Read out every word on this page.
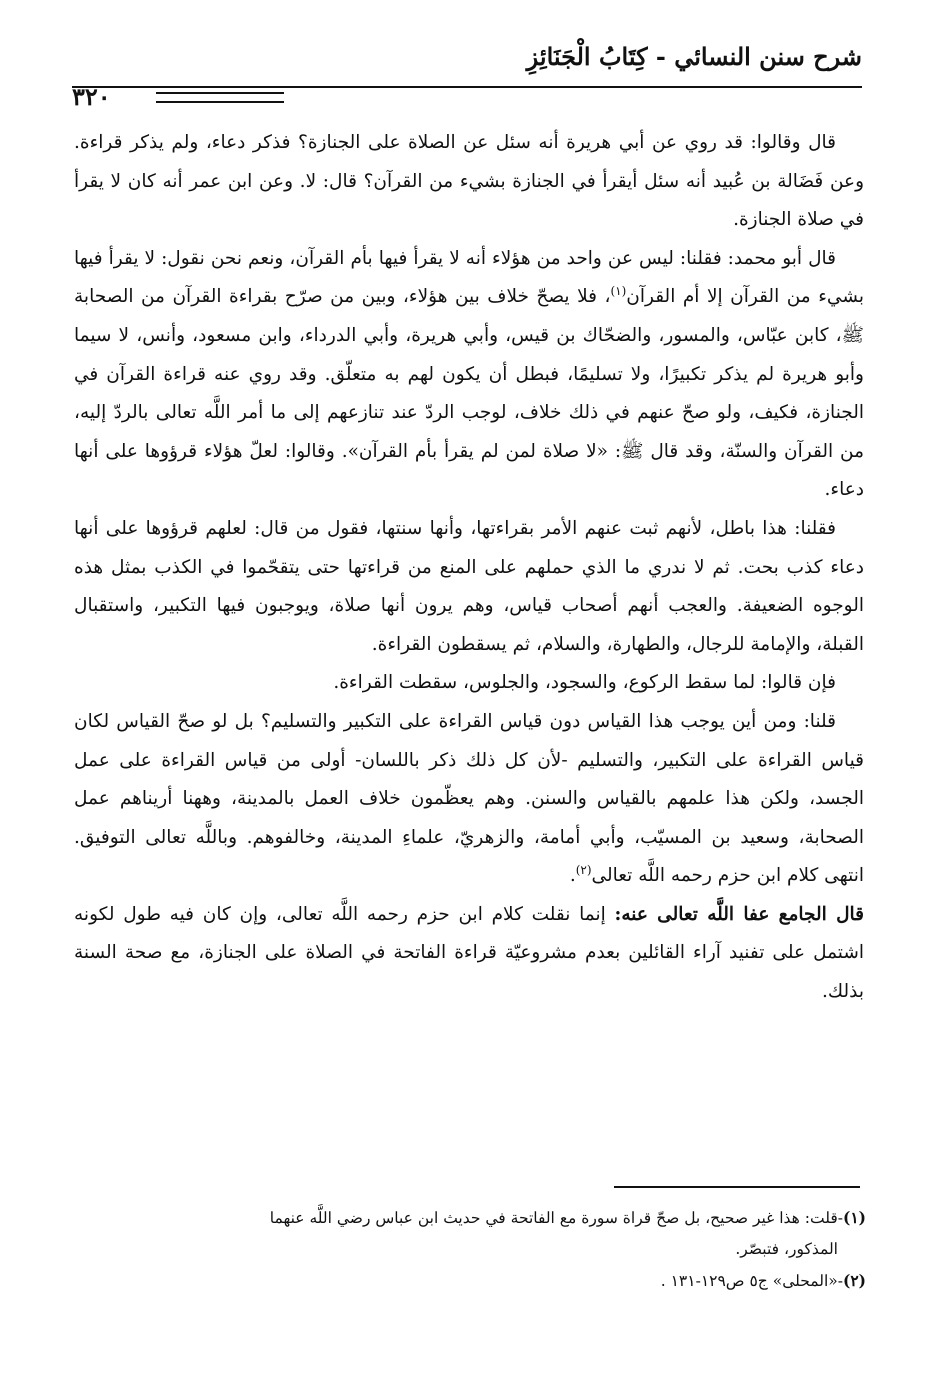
شرح سنن النسائي - كِتَابُ الْجَنَائِزِ
٣٢٠

قال وقالوا: قد روي عن أبي هريرة أنه سئل عن الصلاة على الجنازة؟ فذكر دعاء، ولم يذكر قراءة. وعن فَضَالة بن عُبيد أنه سئل أيقرأ في الجنازة بشيء من القرآن؟ قال: لا. وعن ابن عمر أنه كان لا يقرأ في صلاة الجنازة.

قال أبو محمد: فقلنا: ليس عن واحد من هؤلاء أنه لا يقرأ فيها بأم القرآن، ونعم نحن نقول: لا يقرأ فيها بشيء من القرآن إلا أم القرآن$^{(١)}$، فلا يصحّ خلاف بين هؤلاء، وبين من صرّح بقراءة القرآن من الصحابة ﷺ، كابن عبّاس، والمسور، والضحّاك بن قيس، وأبي هريرة، وأبي الدرداء، وابن مسعود، وأنس، لا سيما وأبو هريرة لم يذكر تكبيرًا، ولا تسليمًا، فبطل أن يكون لهم به متعلّق. وقد روي عنه قراءة القرآن في الجنازة، فكيف، ولو صحّ عنهم في ذلك خلاف، لوجب الردّ عند تنازعهم إلى ما أمر اللَّه تعالى بالردّ إليه، من القرآن والسنّة، وقد قال ﷺ: «لا صلاة لمن لم يقرأ بأم القرآن». وقالوا: لعلّ هؤلاء قرؤوها على أنها دعاء.

فقلنا: هذا باطل، لأنهم ثبت عنهم الأمر بقراءتها، وأنها سنتها، فقول من قال: لعلهم قرؤوها على أنها دعاء كذب بحت. ثم لا ندري ما الذي حملهم على المنع من قراءتها حتى يتقحّموا في الكذب بمثل هذه الوجوه الضعيفة. والعجب أنهم أصحاب قياس، وهم يرون أنها صلاة، ويوجبون فيها التكبير، واستقبال القبلة، والإمامة للرجال، والطهارة، والسلام، ثم يسقطون القراءة.

فإن قالوا: لما سقط الركوع، والسجود، والجلوس، سقطت القراءة.

قلنا: ومن أين يوجب هذا القياس دون قياس القراءة على التكبير والتسليم؟ بل لو صحّ القياس لكان قياس القراءة على التكبير، والتسليم -لأن كل ذلك ذكر باللسان- أولى من قياس القراءة على عمل الجسد، ولكن هذا علمهم بالقياس والسنن. وهم يعظّمون خلاف العمل بالمدينة، وههنا أريناهم عمل الصحابة، وسعيد بن المسيّب، وأبي أمامة، والزهريّ، علماءِ المدينة، وخالفوهم. وباللَّه تعالى التوفيق. انتهى كلام ابن حزم رحمه اللَّه تعالى$^{(٢)}$.

قال الجامع عفا اللَّه تعالى عنه: إنما نقلت كلام ابن حزم رحمه اللَّه تعالى، وإن كان فيه طول لكونه اشتمل على تفنيد آراء القائلين بعدم مشروعيّة قراءة الفاتحة في الصلاة على الجنازة، مع صحة السنة بذلك.

(١)-قلت: هذا غير صحيح، بل صحّ قراة سورة مع الفاتحة في حديث ابن عباس رضي اللَّه عنهما

المذكور، فتبصّر.

(٢)-«المحلى» ج٥ ص١٢٩-١٣١ .
